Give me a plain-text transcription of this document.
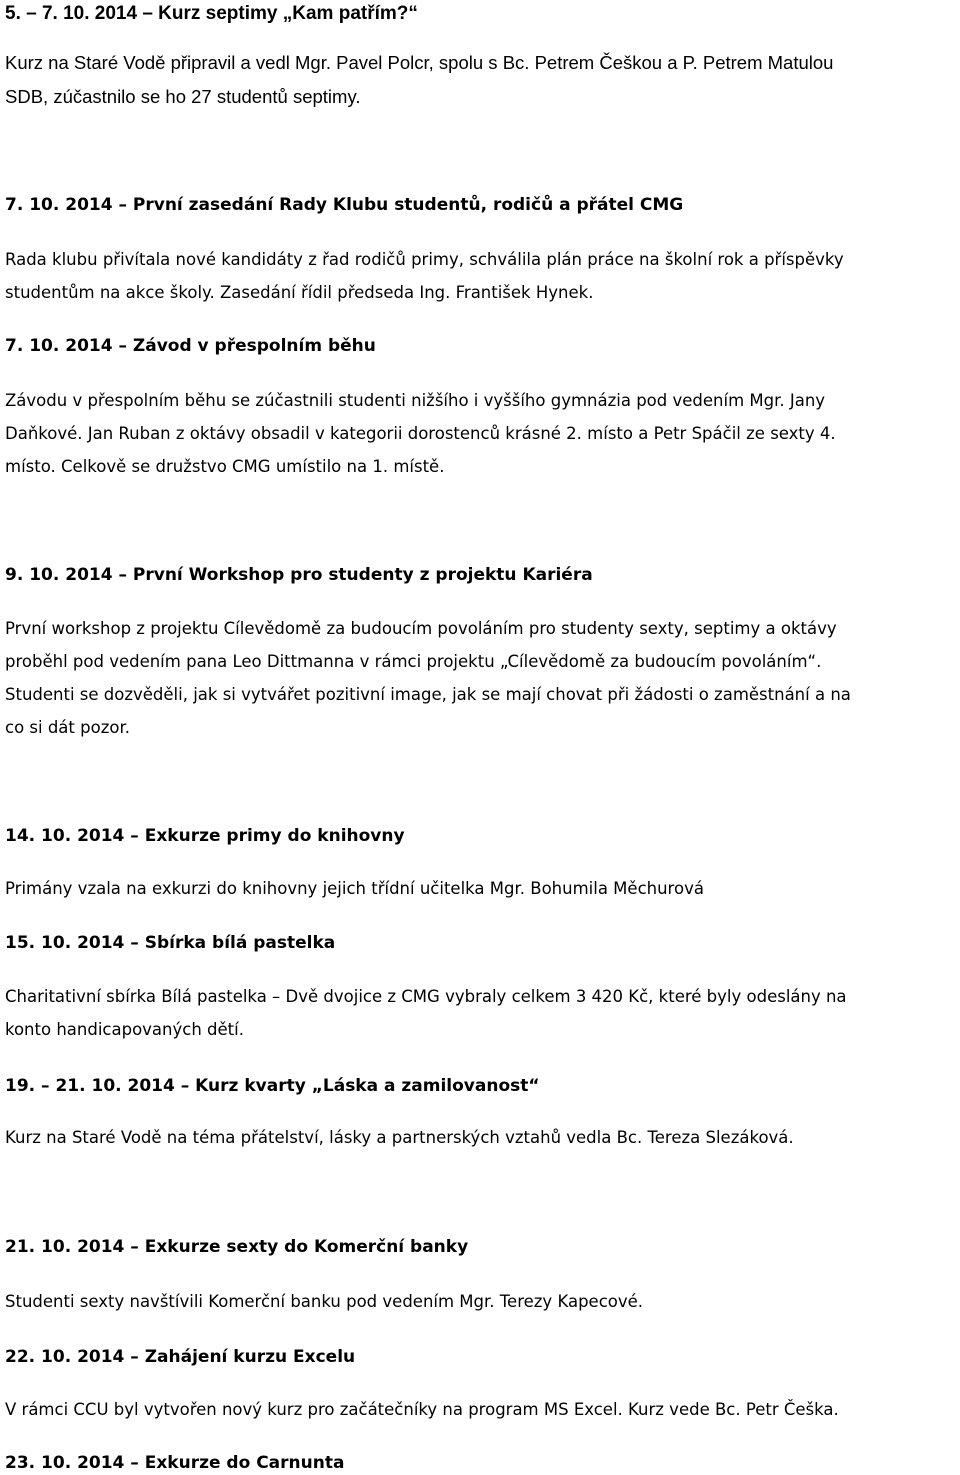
5. – 7. 10. 2014 – Kurz septimy „Kam patřím?“

Kurz na Staré Vodě připravil a vedl Mgr. Pavel Polcr, spolu s Bc. Petrem Češkou a P. Petrem Matulou

SDB, zúčastnilo se ho 27 studentů septimy.

7. 10. 2014 – První zasedání Rady Klubu studentů, rodičů a přátel CMG

Rada klubu přivítala nové kandidáty z řad rodičů primy, schválila plán práce na školní rok a příspěvky

studentům na akce školy. Zasedání řídil předseda Ing. František Hynek.

7. 10. 2014 – Závod v přespolním běhu

Závodu v přespolním běhu se zúčastnili studenti nižšího i vyššího gymnázia pod vedením Mgr. Jany

Daňkové. Jan Ruban z oktávy obsadil v kategorii dorostenců krásné 2. místo a Petr Spáčil ze sexty 4.

místo. Celkově se družstvo CMG umístilo na 1. místě.

9. 10. 2014 – První Workshop pro studenty z projektu Kariéra

První workshop z projektu Cílevědomě za budoucím povoláním pro studenty sexty, septimy a oktávy

proběhl pod vedením pana Leo Dittmanna v rámci projektu „Cílevědomě za budoucím povoláním“.

Studenti se dozvěděli, jak si vytvářet pozitivní image, jak se mají chovat při žádosti o zaměstnání a na

co si dát pozor.

14. 10. 2014 – Exkurze primy do knihovny

Primány vzala na exkurzi do knihovny jejich třídní učitelka Mgr. Bohumila Měchurová

15. 10. 2014 – Sbírka bílá pastelka

Charitativní sbírka Bílá pastelka – Dvě dvojice z CMG vybraly celkem 3 420 Kč, které byly odeslány na

konto handicapovaných dětí.

19. – 21. 10. 2014 – Kurz kvarty „Láska a zamilovanost“

Kurz na Staré Vodě na téma přátelství, lásky a partnerských vztahů vedla Bc. Tereza Slezáková.

21. 10. 2014 – Exkurze sexty do Komerční banky

Studenti sexty navštívili Komerční banku pod vedením Mgr. Terezy Kapecové.

22. 10. 2014 – Zahájení kurzu Excelu

V rámci CCU byl vytvořen nový kurz pro začátečníky na program MS Excel. Kurz vede Bc. Petr Češka.

23. 10. 2014 – Exkurze do Carnunta
